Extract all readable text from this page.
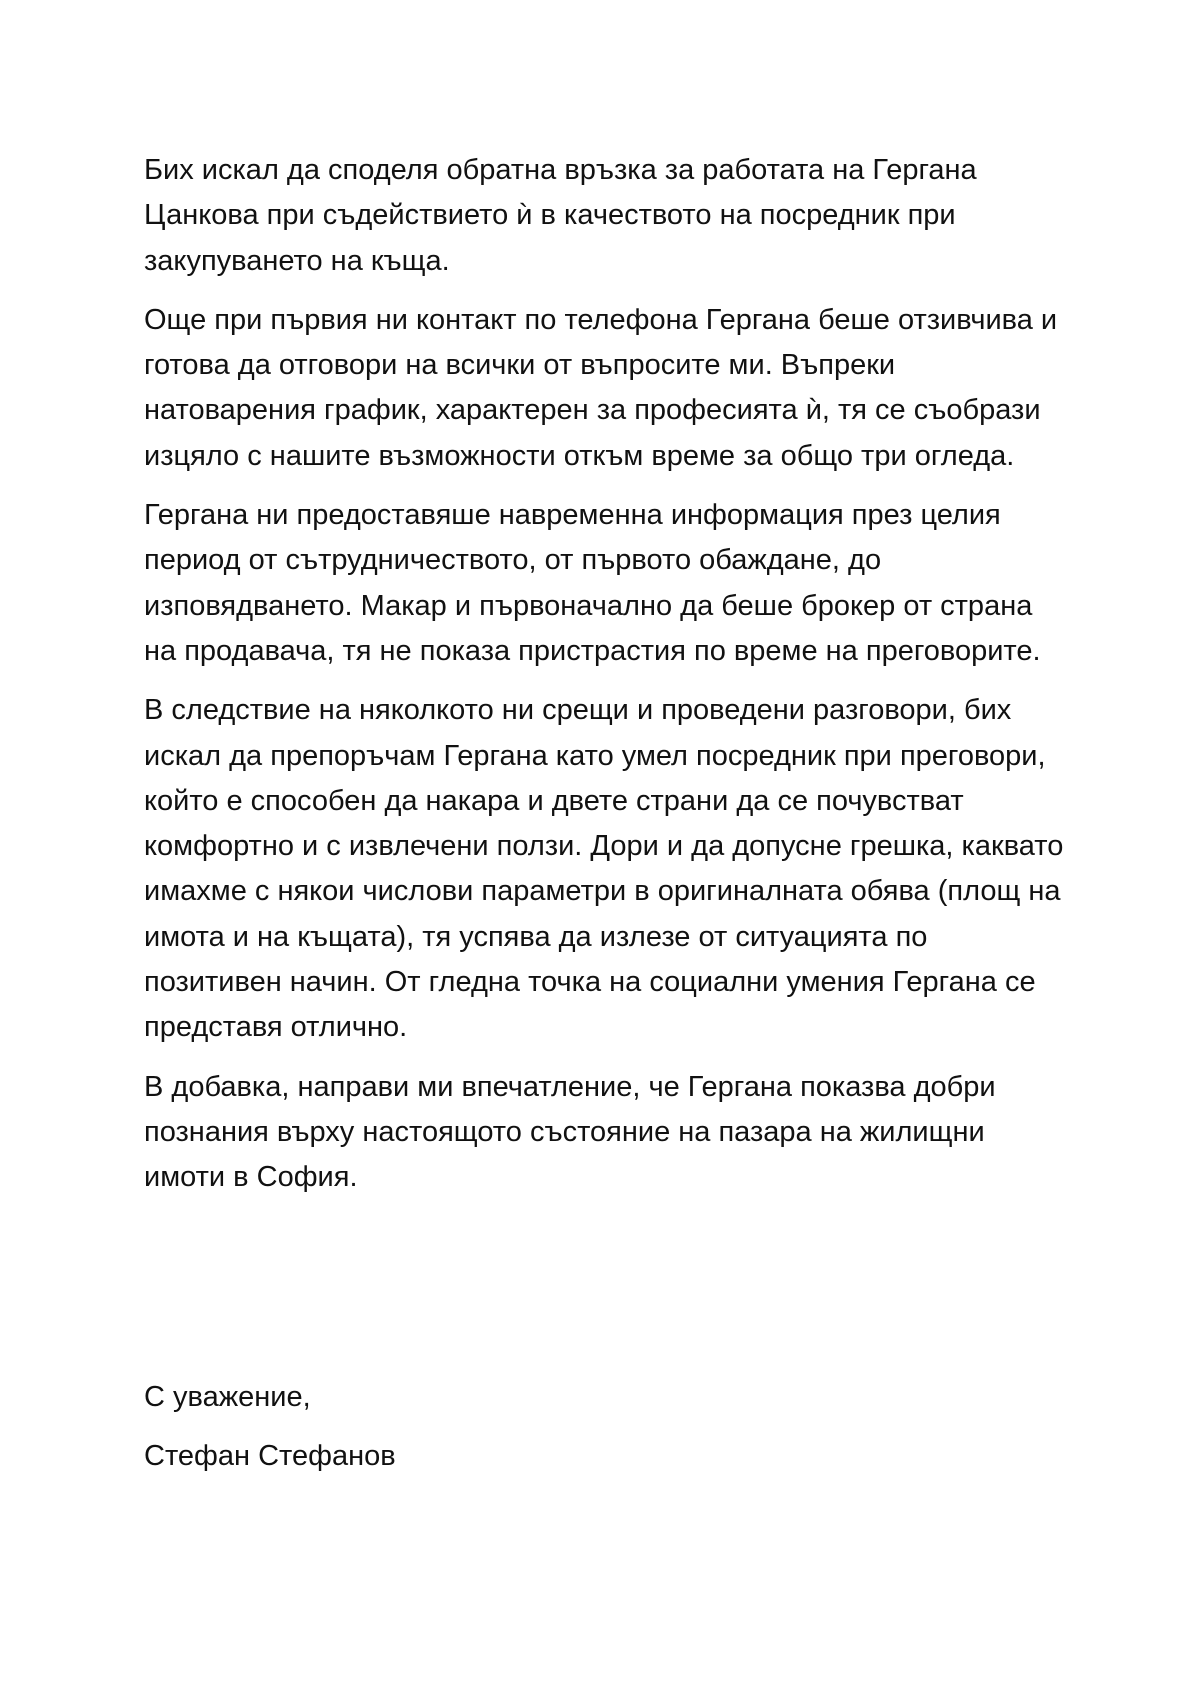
Бих искал да споделя обратна връзка за работата на Гергана Цанкова при съдействието ѝ в качеството на посредник при закупуването на къща.

Още при първия ни контакт по телефона Гергана беше отзивчива и готова да отговори на всички от въпросите ми. Въпреки натоварения график, характерен за професията ѝ, тя се съобрази изцяло с нашите възможности откъм време за общо три огледа.

Гергана ни предоставяше навременна информация през целия период от сътрудничеството, от първото обаждане, до изповядването. Макар и първоначално да беше брокер от страна на продавача, тя не показа пристрастия по време на преговорите.

В следствие на няколкото ни срещи и проведени разговори, бих искал да препоръчам Гергана като умел посредник при преговори, който е способен да накара и двете страни да се почувстват комфортно и с извлечени ползи. Дори и да допусне грешка, каквато имахме с някои числови параметри в оригиналната обява (площ на имота и на къщата), тя успява да излезе от ситуацията по позитивен начин. От гледна точка на социални умения Гергана се представя отлично.

В добавка, направи ми впечатление, че Гергана показва добри познания върху настоящото състояние на пазара на жилищни имоти в София.

С уважение,

Стефан Стефанов
